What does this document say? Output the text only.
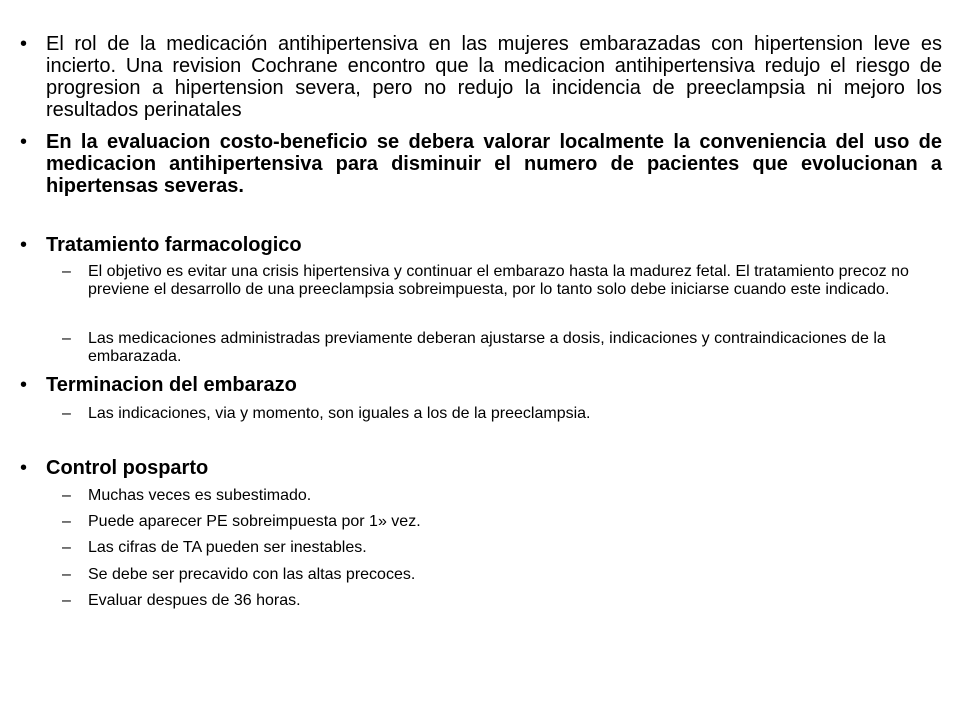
• El rol de la medicación antihipertensiva en las mujeres embarazadas con hipertension leve es incierto. Una revision Cochrane encontro que la medicacion antihipertensiva redujo el riesgo de progresion a hipertension severa, pero no redujo la incidencia de preeclampsia ni mejoro los resultados perinatales
• En la evaluacion costo-beneficio se debera valorar localmente la conveniencia del uso de medicacion antihipertensiva para disminuir el numero de pacientes que evolucionan a hipertensas severas.
• Tratamiento farmacologico
– El objetivo es evitar una crisis hipertensiva y continuar el embarazo hasta la madurez fetal. El tratamiento precoz no previene el desarrollo de una preeclampsia sobreimpuesta, por lo tanto solo debe iniciarse cuando este indicado.
– Las medicaciones administradas previamente deberan ajustarse a dosis, indicaciones y contraindicaciones de la embarazada.
• Terminacion del embarazo
– Las indicaciones, via y momento, son iguales a los de la preeclampsia.
• Control posparto
– Muchas veces es subestimado.
– Puede aparecer PE sobreimpuesta por 1» vez.
– Las cifras de TA pueden ser inestables.
– Se debe ser precavido con las altas precoces.
– Evaluar despues de 36 horas.
